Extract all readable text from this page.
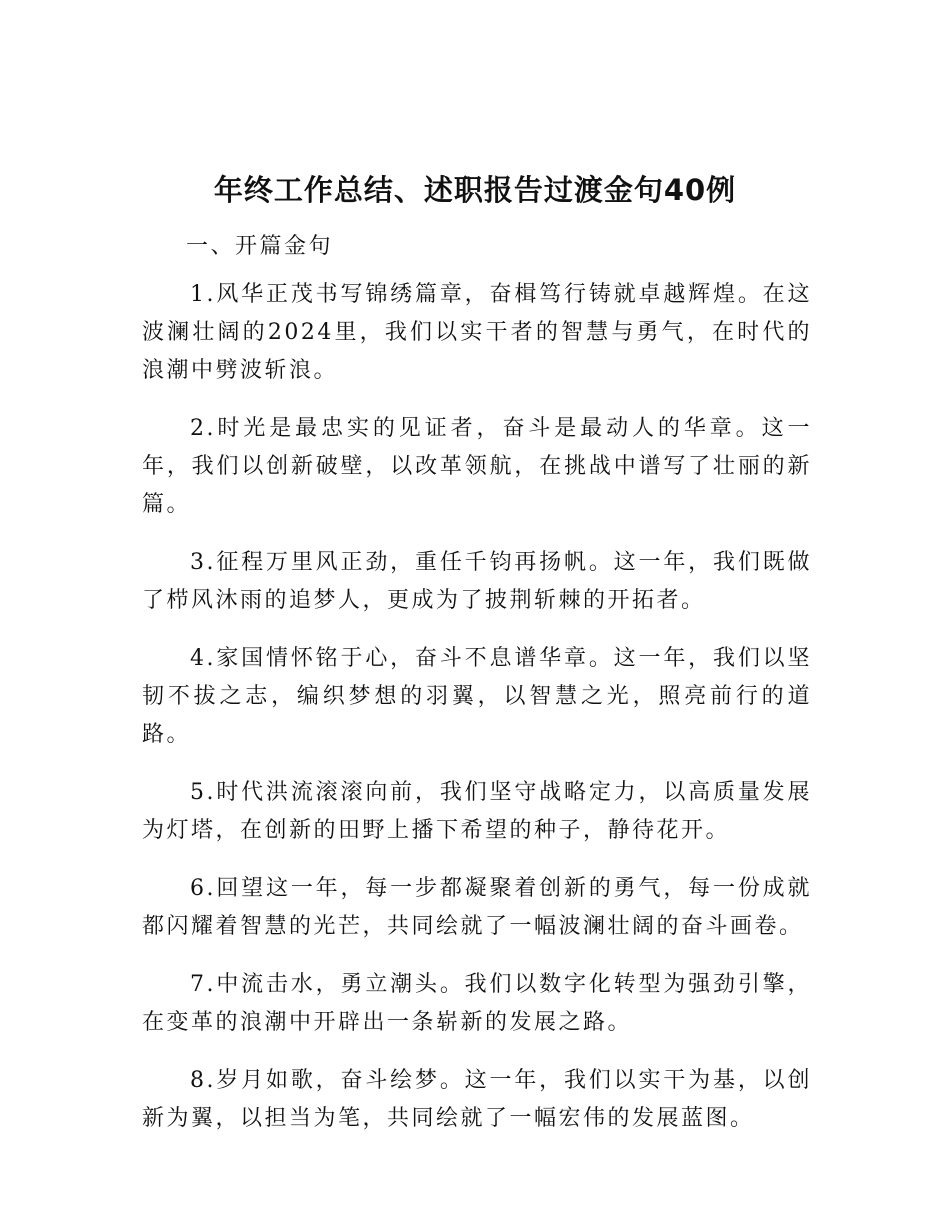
年终工作总结、述职报告过渡金句40例

一、开篇金句

1.风华正茂书写锦绣篇章，奋楫笃行铸就卓越辉煌。在这波澜壮阔的2024里，我们以实干者的智慧与勇气，在时代的浪潮中劈波斩浪。

2.时光是最忠实的见证者，奋斗是最动人的华章。这一年，我们以创新破壁，以改革领航，在挑战中谱写了壮丽的新篇。

3.征程万里风正劲，重任千钧再扬帆。这一年，我们既做了栉风沐雨的追梦人，更成为了披荆斩棘的开拓者。

4.家国情怀铭于心，奋斗不息谱华章。这一年，我们以坚韧不拔之志，编织梦想的羽翼，以智慧之光，照亮前行的道路。

5.时代洪流滚滚向前，我们坚守战略定力，以高质量发展为灯塔，在创新的田野上播下希望的种子，静待花开。

6.回望这一年，每一步都凝聚着创新的勇气，每一份成就都闪耀着智慧的光芒，共同绘就了一幅波澜壮阔的奋斗画卷。

7.中流击水，勇立潮头。我们以数字化转型为强劲引擎，在变革的浪潮中开辟出一条崭新的发展之路。

8.岁月如歌，奋斗绘梦。这一年，我们以实干为基，以创新为翼，以担当为笔，共同绘就了一幅宏伟的发展蓝图。
